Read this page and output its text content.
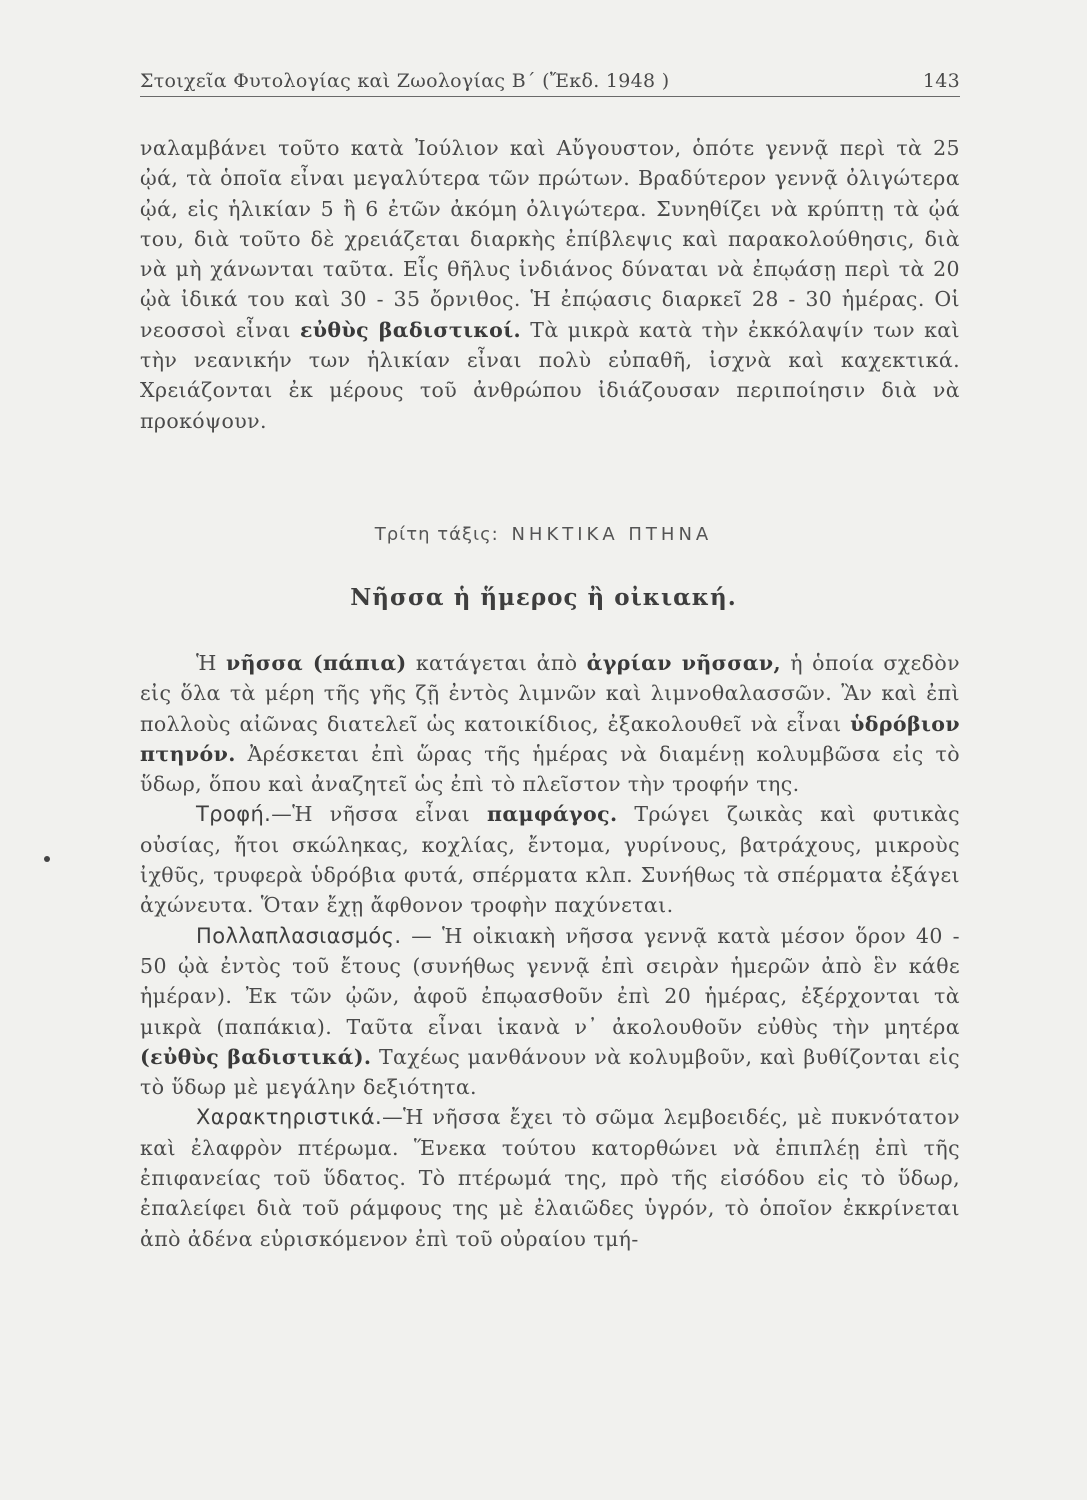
Στοιχεῖα Φυτολογίας καὶ Ζωολογίας Β΄ (Ἔκδ. 1948 )	143

ναλαμβάνει τοῦτο κατὰ Ἰούλιον καὶ Αὔγουστον, ὁπότε γεννᾷ περὶ τὰ 25 ᾠά, τὰ ὁποῖα εἶναι μεγαλύτερα τῶν πρώτων. Βραδύτερον γεννᾷ ὀλιγώτερα ᾠά, εἰς ἡλικίαν 5 ἢ 6 ἐτῶν ἀκόμη ὀλιγώτερα. Συνηθίζει νὰ κρύπτῃ τὰ ᾠά του, διὰ τοῦτο δὲ χρειάζεται διαρκὴς ἐπίβλεψις καὶ παρακολούθησις, διὰ νὰ μὴ χάνωνται ταῦτα. Εἷς θῆλυς ἰνδιάνος δύναται νὰ ἐπῳάσῃ περὶ τὰ 20 ᾠὰ ἰδικά του καὶ 30 - 35 ὄρνιθος. Ἡ ἐπῴασις διαρκεῖ 28 - 30 ἡμέρας. Οἱ νεοσσοὶ εἶναι εὐθὺς βαδιστικοί. Τὰ μικρὰ κατὰ τὴν ἐκκόλαψίν των καὶ τὴν νεανικήν των ἡλικίαν εἶναι πολὺ εὐπαθῆ, ἰσχνὰ καὶ καχεκτικά. Χρειάζονται ἐκ μέρους τοῦ ἀνθρώπου ἰδιάζουσαν περιποίησιν διὰ νὰ προκόψουν.

Τρίτη τάξις: ΝΗΚΤΙΚΑ ΠΤΗΝΑ
Νῆσσα ἡ ἥμερος ἢ οἰκιακή.

Ἡ νῆσσα (πάπια) κατάγεται ἀπὸ ἀγρίαν νῆσσαν, ἡ ὁποία σχεδὸν εἰς ὅλα τὰ μέρη τῆς γῆς ζῇ ἐντὸς λιμνῶν καὶ λιμνοθαλασσῶν. Ἂν καὶ ἐπὶ πολλοὺς αἰῶνας διατελεῖ ὡς κατοικίδιος, ἐξακολουθεῖ νὰ εἶναι ὑδρόβιον πτηνόν. Ἀρέσκεται ἐπὶ ὥρας τῆς ἡμέρας νὰ διαμένῃ κολυμβῶσα εἰς τὸ ὕδωρ, ὅπου καὶ ἀναζητεῖ ὡς ἐπὶ τὸ πλεῖστον τὴν τροφήν της.

Τροφή.—Ἡ νῆσσα εἶναι παμφάγος. Τρώγει ζωικὰς καὶ φυτικὰς οὐσίας, ἤτοι σκώληκας, κοχλίας, ἔντομα, γυρίνους, βατράχους, μικροὺς ἰχθῦς, τρυφερὰ ὑδρόβια φυτά, σπέρματα κλπ. Συνήθως τὰ σπέρματα ἐξάγει ἀχώνευτα. Ὅταν ἔχῃ ἄφθονον τροφὴν παχύνεται.

Πολλαπλασιασμός. — Ἡ οἰκιακὴ νῆσσα γεννᾷ κατὰ μέσον ὅρον 40 - 50 ᾠὰ ἐντὸς τοῦ ἔτους (συνήθως γεννᾷ ἐπὶ σειρὰν ἡμερῶν ἀπὸ ἓν κάθε ἡμέραν). Ἐκ τῶν ᾠῶν, ἀφοῦ ἐπῳασθοῦν ἐπὶ 20 ἡμέρας, ἐξέρχονται τὰ μικρὰ (παπάκια). Ταῦτα εἶναι ἱκανὰ ν᾽ ἀκολουθοῦν εὐθὺς τὴν μητέρα (εὐθὺς βαδιστικά). Ταχέως μανθάνουν νὰ κολυμβοῦν, καὶ βυθίζονται εἰς τὸ ὕδωρ μὲ μεγάλην δεξιότητα.

Χαρακτηριστικά.—Ἡ νῆσσα ἔχει τὸ σῶμα λεμβοειδές, μὲ πυκνότατον καὶ ἐλαφρὸν πτέρωμα. Ἕνεκα τούτου κατορθώνει νὰ ἐπιπλέῃ ἐπὶ τῆς ἐπιφανείας τοῦ ὕδατος. Τὸ πτέρωμά της, πρὸ τῆς εἰσόδου εἰς τὸ ὕδωρ, ἐπαλείφει διὰ τοῦ ράμφους της μὲ ἐλαιῶδες ὑγρόν, τὸ ὁποῖον ἐκκρίνεται ἀπὸ ἀδένα εὑρισκόμενον ἐπὶ τοῦ οὐραίου τμή-
